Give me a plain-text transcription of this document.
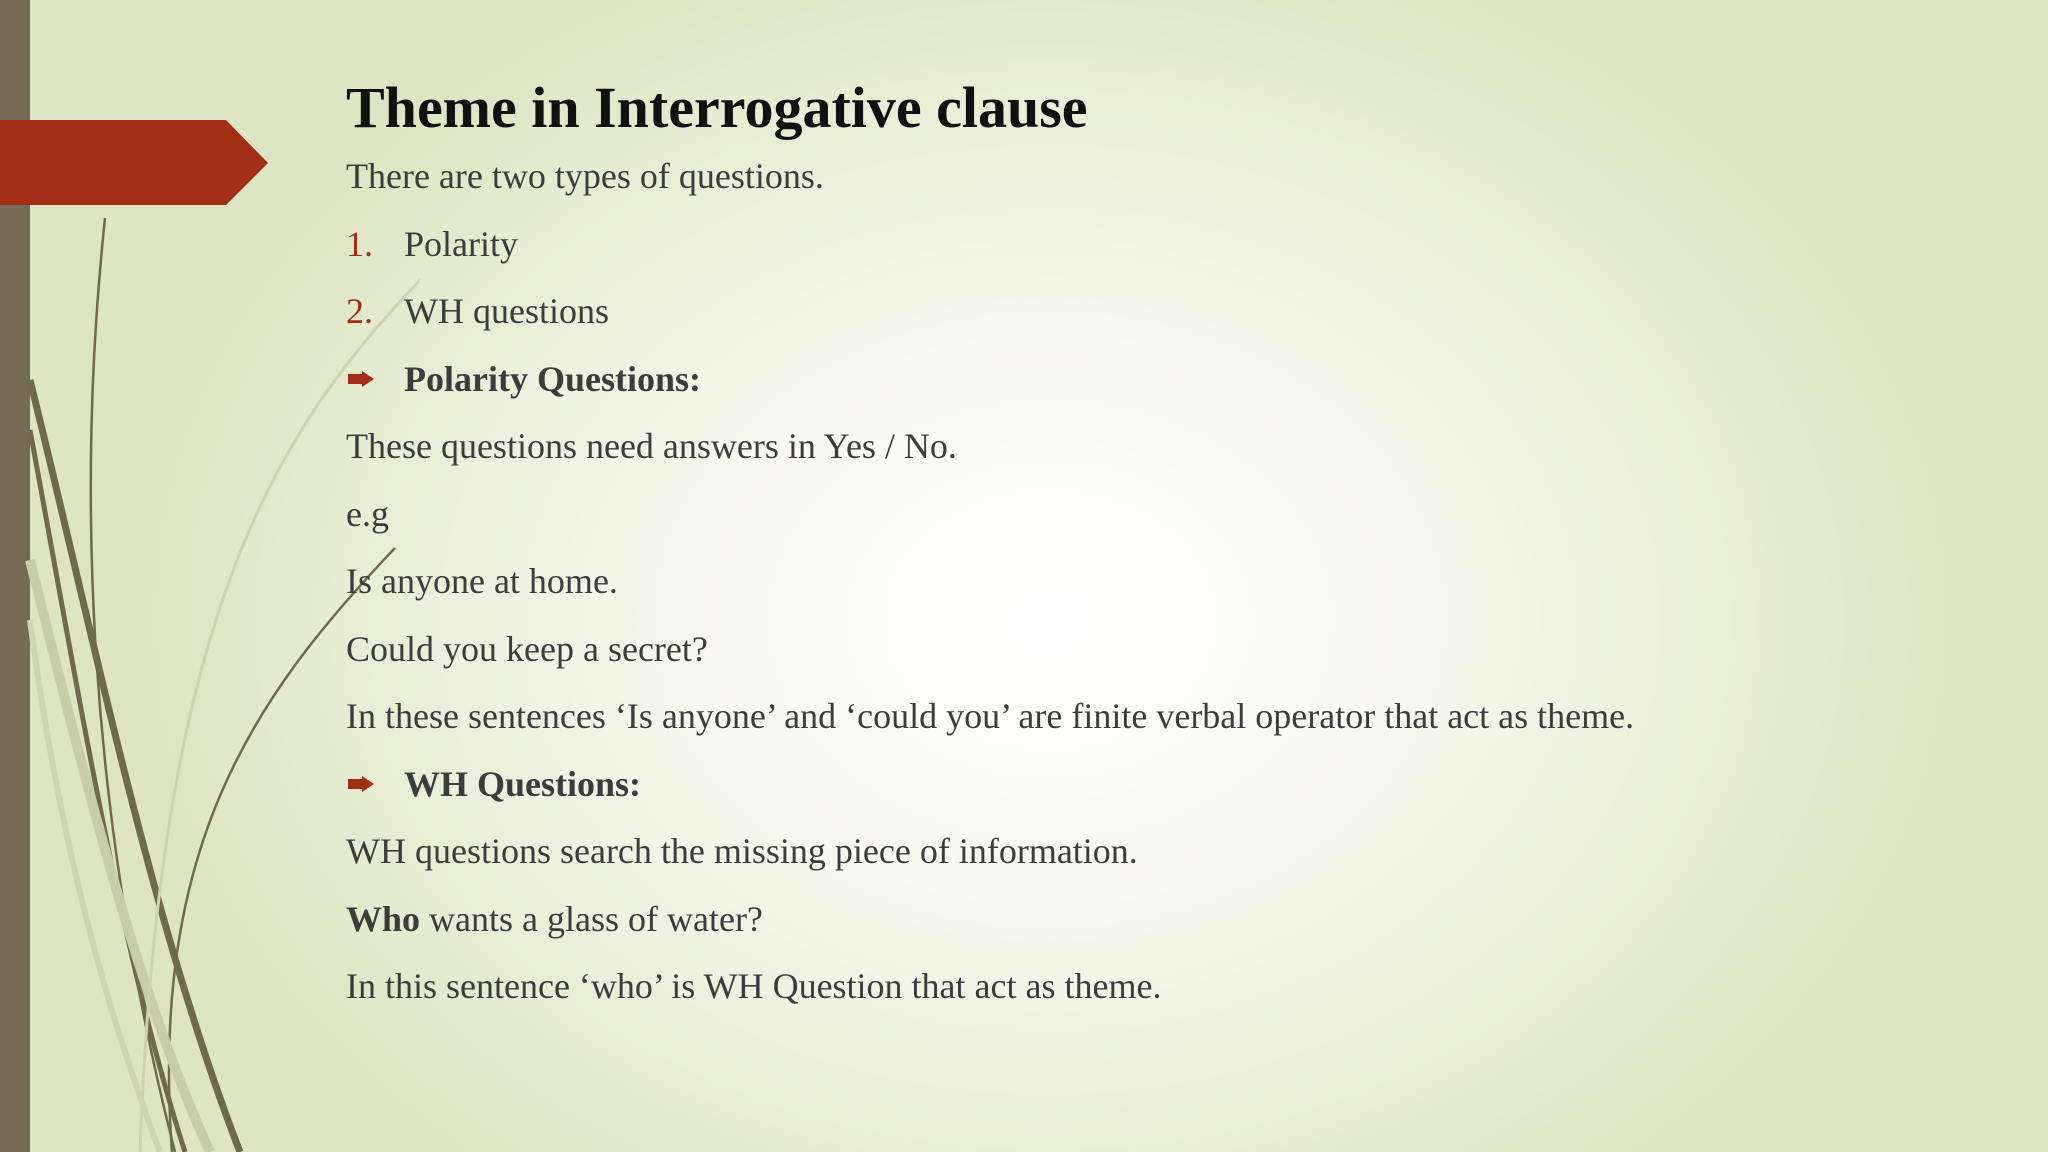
Theme in Interrogative clause
There are two types of questions.
1. Polarity
2. WH questions
Polarity Questions:
These questions need answers in Yes / No.
e.g
Is anyone at home.
Could you keep a secret?
In these sentences ‘Is anyone’ and ‘could you’ are finite verbal operator that act as theme.
WH Questions:
WH questions search the missing piece of information.
Who wants a glass of water?
In this sentence ‘who’ is WH Question that act as theme.
